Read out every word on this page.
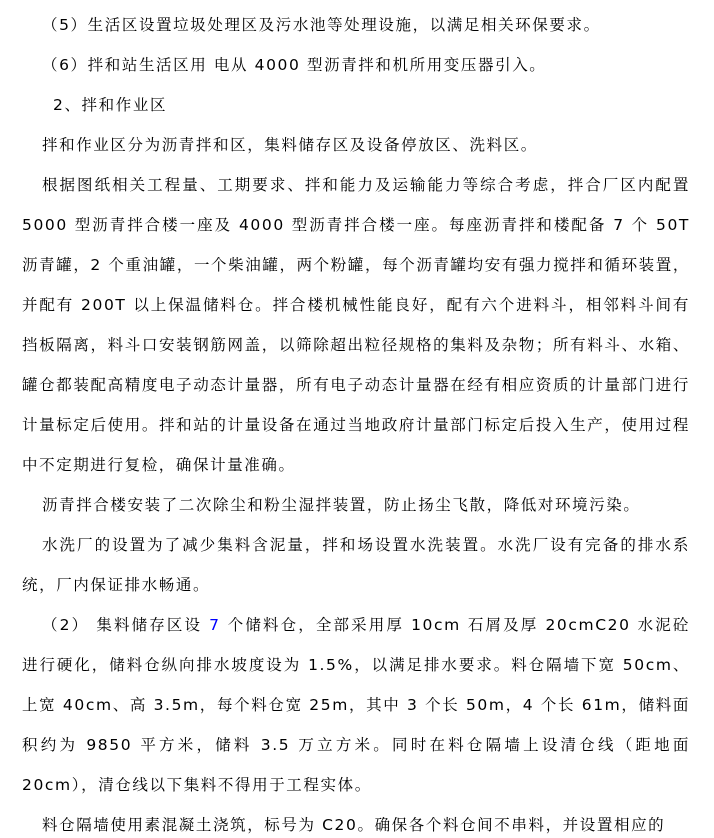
（5）生活区设置垃圾处理区及污水池等处理设施，以满足相关环保要求。

（6）拌和站生活区用 电从 4000 型沥青拌和机所用变压器引入。

2、拌和作业区

拌和作业区分为沥青拌和区，集料储存区及设备停放区、洗料区。

根据图纸相关工程量、工期要求、拌和能力及运输能力等综合考虑，拌合厂区内配置 5000 型沥青拌合楼一座及 4000 型沥青拌合楼一座。每座沥青拌和楼配备 7 个 50T 沥青罐，2 个重油罐，一个柴油罐，两个粉罐，每个沥青罐均安有强力搅拌和循环装置，并配有 200T 以上保温储料仓。拌合楼机械性能良好，配有六个进料斗，相邻料斗间有挡板隔离，料斗口安装钢筋网盖，以筛除超出粒径规格的集料及杂物；所有料斗、水箱、罐仓都装配高精度电子动态计量器，所有电子动态计量器在经有相应资质的计量部门进行计量标定后使用。拌和站的计量设备在通过当地政府计量部门标定后投入生产，使用过程中不定期进行复检，确保计量准确。

沥青拌合楼安装了二次除尘和粉尘湿拌装置，防止扬尘飞散，降低对环境污染。

水洗厂的设置为了减少集料含泥量，拌和场设置水洗装置。水洗厂设有完备的排水系统，厂内保证排水畅通。

（2） 集料储存区设 7 个储料仓，全部采用厚 10cm 石屑及厚 20cmC20 水泥砼进行硬化，储料仓纵向排水坡度设为 1.5%，以满足排水要求。料仓隔墙下宽 50cm、上宽 40cm、高 3.5m，每个料仓宽 25m，其中 3 个长 50m，4 个长 61m，储料面积约为 9850 平方米，储料 3.5 万立方米。同时在料仓隔墙上设清仓线（距地面 20cm），清仓线以下集料不得用于工程实体。

料仓隔墙使用素混凝土浇筑，标号为 C20。确保各个料仓间不串料，并设置相应的
